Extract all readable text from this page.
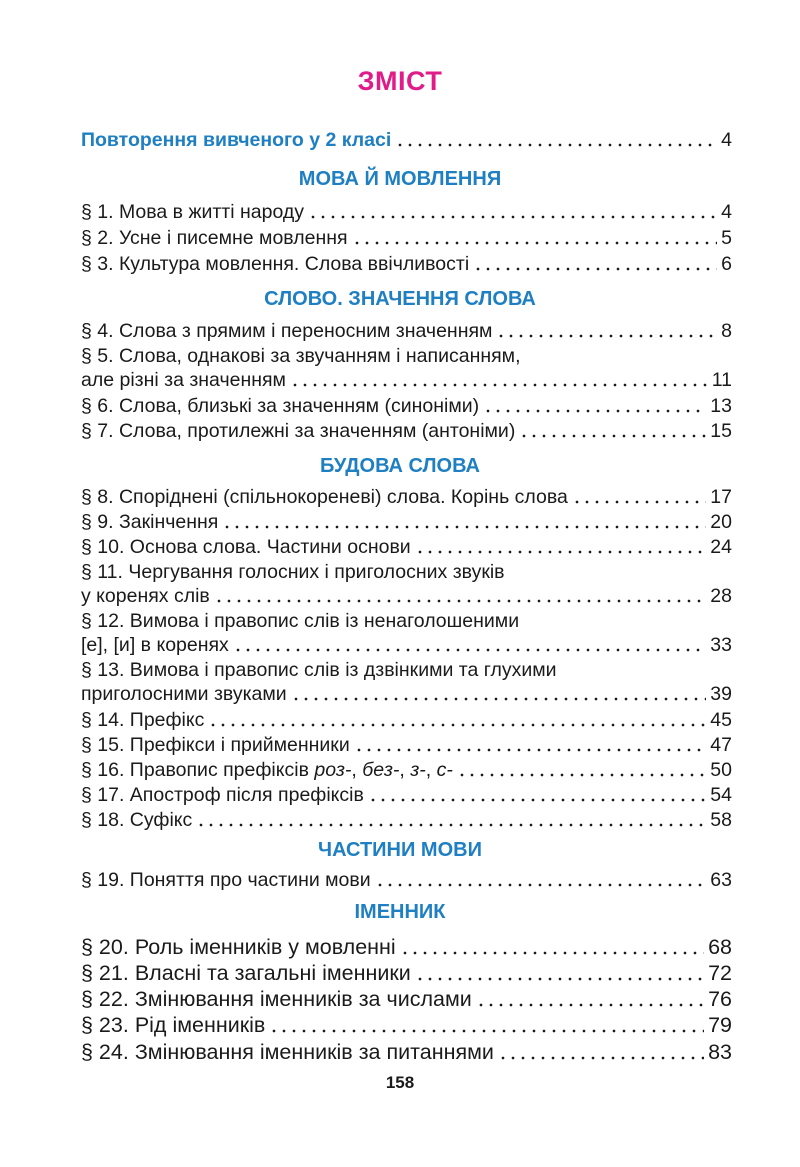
ЗМІСТ
Повторення вивченого у 2 класі	4
МОВА Й МОВЛЕННЯ
§ 1. Мова в житті народу	4
§ 2. Усне і писемне мовлення	5
§ 3. Культура мовлення. Слова ввічливості	6
СЛОВО. ЗНАЧЕННЯ СЛОВА
§ 4. Слова з прямим і переносним значенням	8
§ 5. Слова, однакові за звучанням і написанням,
але різні за значенням	11
§ 6. Слова, близькі за значенням (синоніми)	13
§ 7. Слова, протилежні за значенням (антоніми)	15
БУДОВА СЛОВА
§ 8. Споріднені (спільнокореневі) слова. Корінь слова	17
§ 9. Закінчення	20
§ 10. Основа слова. Частини основи	24
§ 11. Чергування голосних і приголосних звуків
у коренях слів	28
§ 12. Вимова і правопис слів із ненаголошеними
[е], [и] в коренях	33
§ 13. Вимова і правопис слів із дзвінкими та глухими
приголосними звуками	39
§ 14. Префікс	45
§ 15. Префікси і прийменники	47
§ 16. Правопис префіксів роз-, без-, з-, с-	50
§ 17. Апостроф після префіксів	54
§ 18. Суфікс	58
ЧАСТИНИ МОВИ
§ 19. Поняття про частини мови	63
ІМЕННИК
§ 20. Роль іменників у мовленні	68
§ 21. Власні та загальні іменники	72
§ 22. Змінювання іменників за числами	76
§ 23. Рід іменників	79
§ 24. Змінювання іменників за питаннями	83
158
